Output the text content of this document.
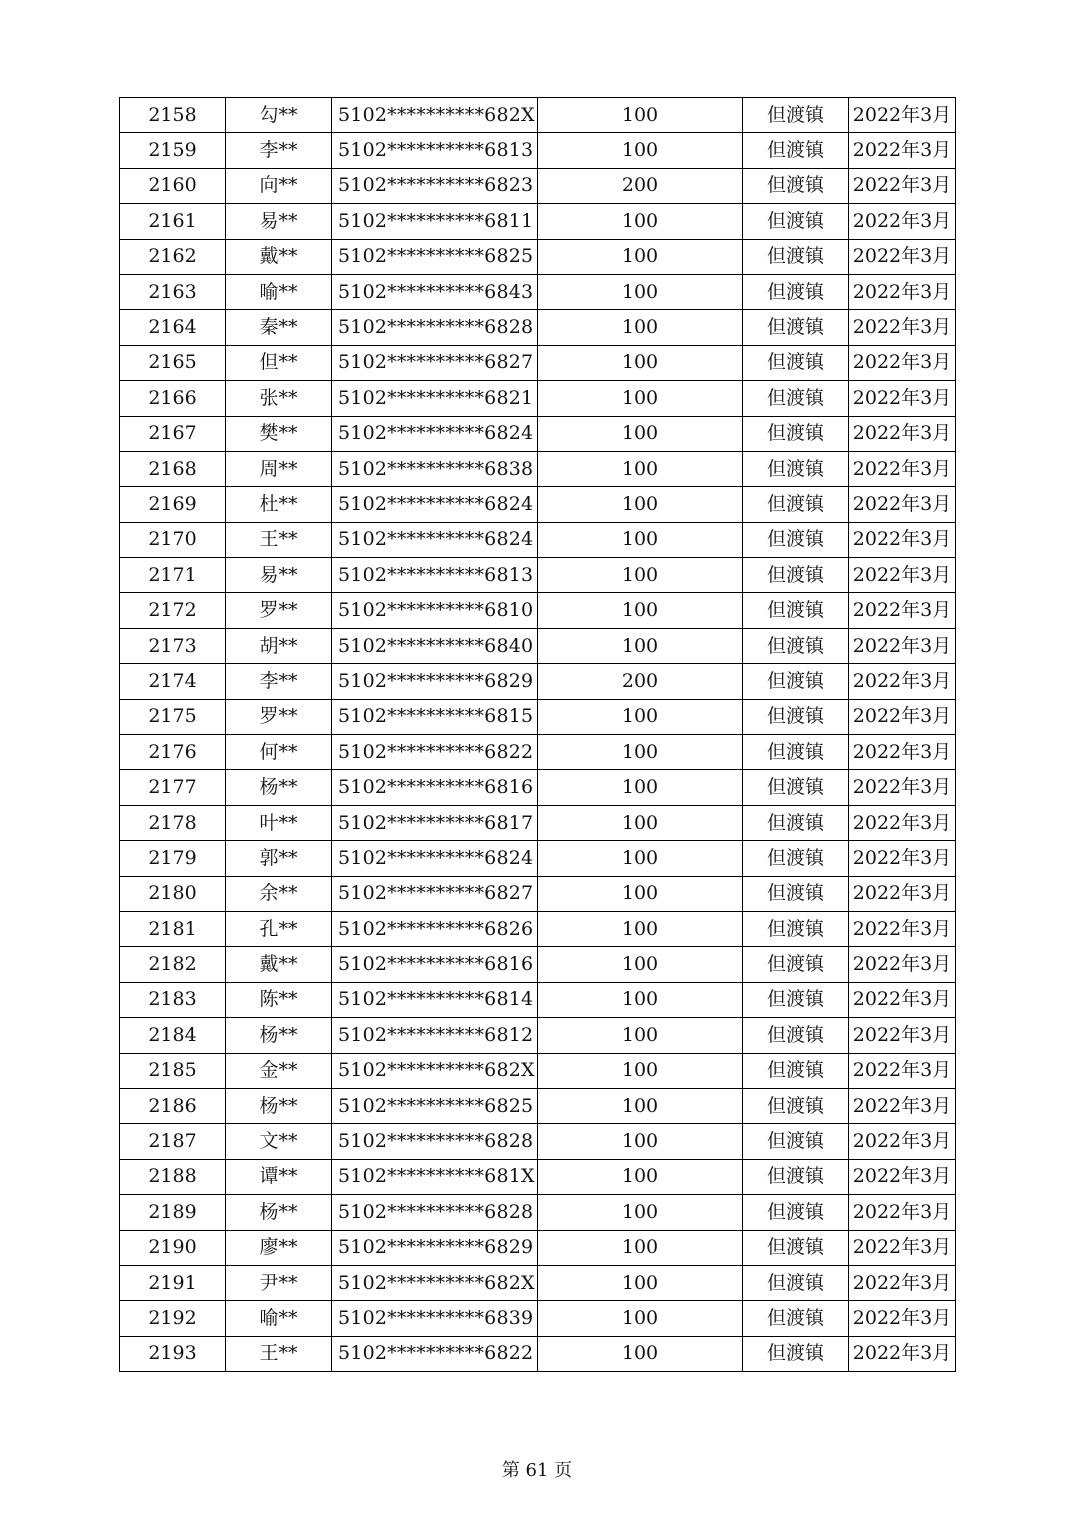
2158	勾**	5102**********682X	100	但渡镇	2022年3月
2159	李**	5102**********6813	100	但渡镇	2022年3月
2160	向**	5102**********6823	200	但渡镇	2022年3月
2161	易**	5102**********6811	100	但渡镇	2022年3月
2162	戴**	5102**********6825	100	但渡镇	2022年3月
2163	喻**	5102**********6843	100	但渡镇	2022年3月
2164	秦**	5102**********6828	100	但渡镇	2022年3月
2165	但**	5102**********6827	100	但渡镇	2022年3月
2166	张**	5102**********6821	100	但渡镇	2022年3月
2167	樊**	5102**********6824	100	但渡镇	2022年3月
2168	周**	5102**********6838	100	但渡镇	2022年3月
2169	杜**	5102**********6824	100	但渡镇	2022年3月
2170	王**	5102**********6824	100	但渡镇	2022年3月
2171	易**	5102**********6813	100	但渡镇	2022年3月
2172	罗**	5102**********6810	100	但渡镇	2022年3月
2173	胡**	5102**********6840	100	但渡镇	2022年3月
2174	李**	5102**********6829	200	但渡镇	2022年3月
2175	罗**	5102**********6815	100	但渡镇	2022年3月
2176	何**	5102**********6822	100	但渡镇	2022年3月
2177	杨**	5102**********6816	100	但渡镇	2022年3月
2178	叶**	5102**********6817	100	但渡镇	2022年3月
2179	郭**	5102**********6824	100	但渡镇	2022年3月
2180	余**	5102**********6827	100	但渡镇	2022年3月
2181	孔**	5102**********6826	100	但渡镇	2022年3月
2182	戴**	5102**********6816	100	但渡镇	2022年3月
2183	陈**	5102**********6814	100	但渡镇	2022年3月
2184	杨**	5102**********6812	100	但渡镇	2022年3月
2185	金**	5102**********682X	100	但渡镇	2022年3月
2186	杨**	5102**********6825	100	但渡镇	2022年3月
2187	文**	5102**********6828	100	但渡镇	2022年3月
2188	谭**	5102**********681X	100	但渡镇	2022年3月
2189	杨**	5102**********6828	100	但渡镇	2022年3月
2190	廖**	5102**********6829	100	但渡镇	2022年3月
2191	尹**	5102**********682X	100	但渡镇	2022年3月
2192	喻**	5102**********6839	100	但渡镇	2022年3月
2193	王**	5102**********6822	100	但渡镇	2022年3月
第 61 页
